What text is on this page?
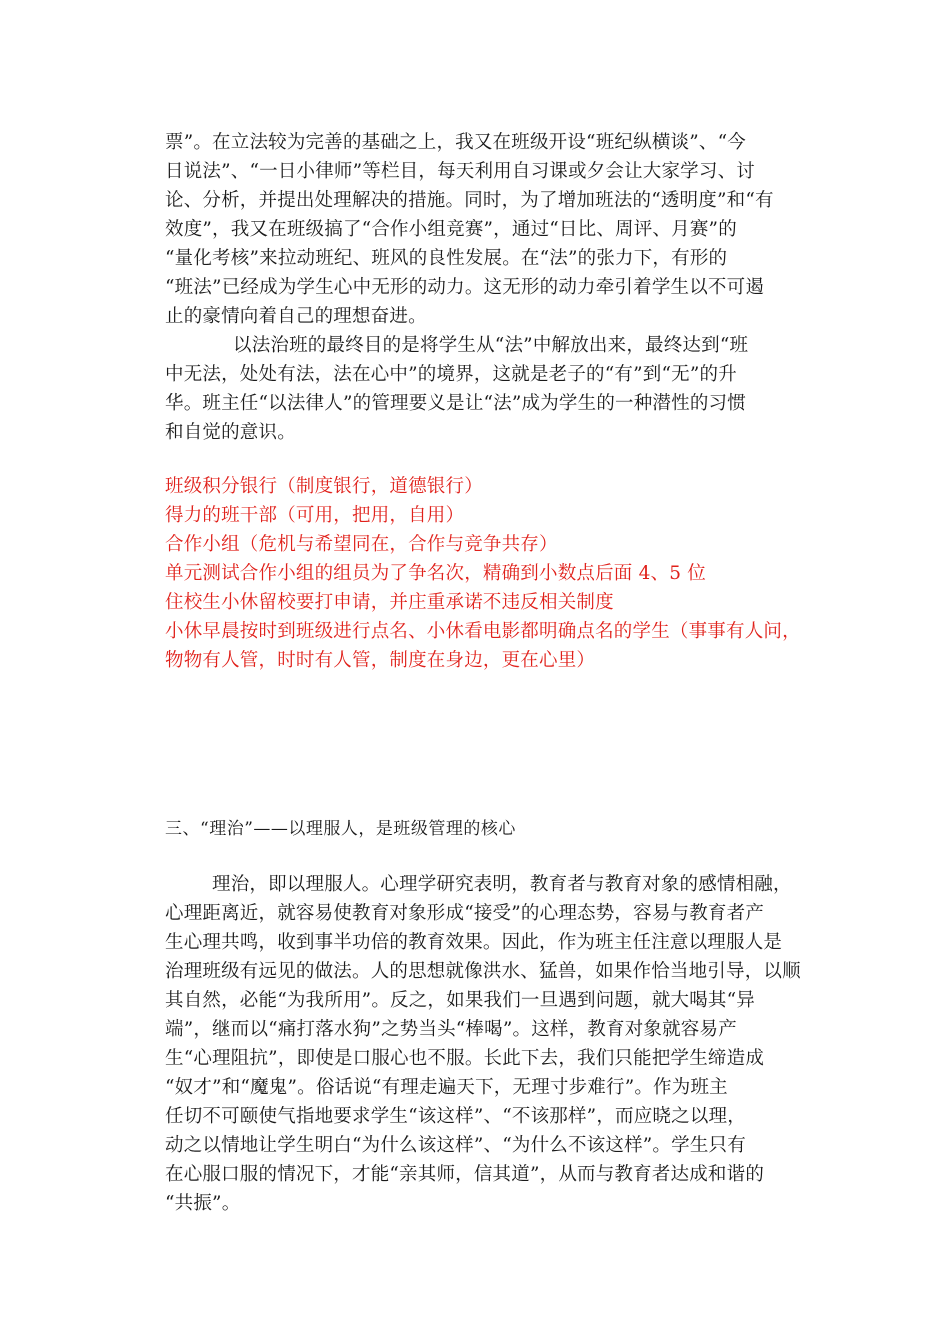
票”。在立法较为完善的基础之上，我又在班级开设“班纪纵横谈”、“今
日说法”、“一日小律师”等栏目，每天利用自习课或夕会让大家学习、讨
论、分析，并提出处理解决的措施。同时，为了增加班法的“透明度”和“有
效度”，我又在班级搞了“合作小组竞赛”，通过“日比、周评、月赛”的
“量化考核”来拉动班纪、班风的良性发展。在“法”的张力下，有形的
“班法”已经成为学生心中无形的动力。这无形的动力牵引着学生以不可遏
止的豪情向着自己的理想奋进。
以法治班的最终目的是将学生从“法”中解放出来，最终达到“班
中无法，处处有法，法在心中”的境界，这就是老子的“有”到“无”的升
华。班主任“以法律人”的管理要义是让“法”成为学生的一种潜性的习惯
和自觉的意识。
班级积分银行（制度银行，道德银行）
得力的班干部（可用，把用，自用）
合作小组（危机与希望同在，合作与竞争共存）
单元测试合作小组的组员为了争名次，精确到小数点后面 4、5 位
住校生小休留校要打申请，并庄重承诺不违反相关制度
小休早晨按时到班级进行点名、小休看电影都明确点名的学生（事事有人问，
物物有人管，时时有人管，制度在身边，更在心里）
三、“理治”——以理服人，是班级管理的核心
理治，即以理服人。心理学研究表明，教育者与教育对象的感情相融，
心理距离近，就容易使教育对象形成“接受”的心理态势，容易与教育者产
生心理共鸣，收到事半功倍的教育效果。因此，作为班主任注意以理服人是
治理班级有远见的做法。人的思想就像洪水、猛兽，如果作恰当地引导，以顺
其自然，必能“为我所用”。反之，如果我们一旦遇到问题，就大喝其“异
端”，继而以“痛打落水狗”之势当头“棒喝”。这样，教育对象就容易产
生“心理阻抗”，即使是口服心也不服。长此下去，我们只能把学生缔造成
“奴才”和“魔鬼”。俗话说“有理走遍天下，无理寸步难行”。作为班主
任切不可颐使气指地要求学生“该这样”、“不该那样”，而应晓之以理，
动之以情地让学生明白“为什么该这样”、“为什么不该这样”。学生只有
在心服口服的情况下，才能“亲其师，信其道”，从而与教育者达成和谐的
“共振”。
